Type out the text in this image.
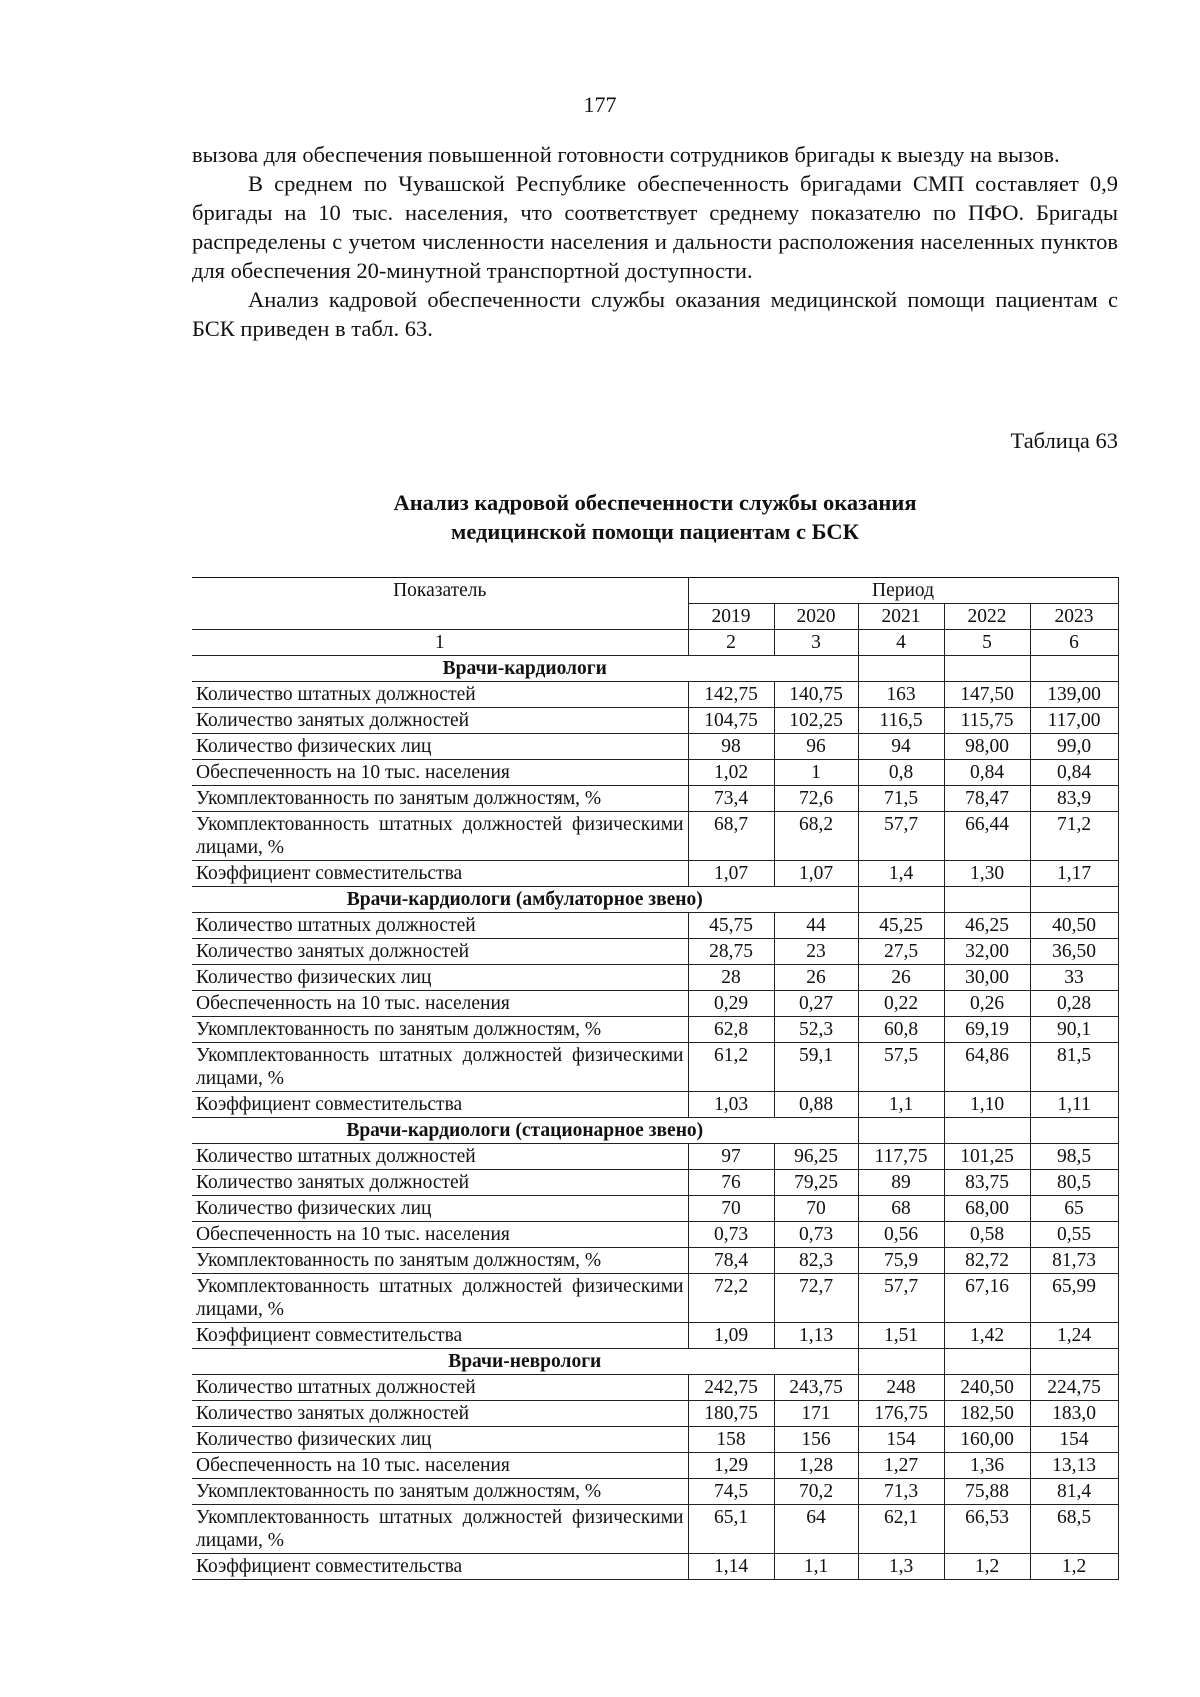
177

вызова для обеспечения повышенной готовности сотрудников бригады к выезду на вызов.

В среднем по Чувашской Республике обеспеченность бригадами СМП составляет 0,9 бригады на 10 тыс. населения, что соответствует среднему показателю по ПФО. Бригады распределены с учетом численности населения и дальности расположения населенных пунктов для обеспечения 20-минутной транспортной доступности.

Анализ кадровой обеспеченности службы оказания медицинской помощи пациентам с БСК приведен в табл. 63.

Таблица 63
Анализ кадровой обеспеченности службы оказания
медицинской помощи пациентам с БСК
Показатель	Период				
	2019	2020	2021	2022	2023
1	2	3	4	5	6
Врачи-кардиологи					
Количество штатных должностей	142,75	140,75	163	147,50	139,00
Количество занятых должностей	104,75	102,25	116,5	115,75	117,00
Количество физических лиц	98	96	94	98,00	99,0
Обеспеченность на 10 тыс. населения	1,02	1	0,8	0,84	0,84
Укомплектованность по занятым должностям, %	73,4	72,6	71,5	78,47	83,9
Укомплектованность штатных должностей физическими лицами, %	68,7	68,2	57,7	66,44	71,2
Коэффициент совместительства	1,07	1,07	1,4	1,30	1,17
Врачи-кардиологи (амбулаторное звено)					
Количество штатных должностей	45,75	44	45,25	46,25	40,50
Количество занятых должностей	28,75	23	27,5	32,00	36,50
Количество физических лиц	28	26	26	30,00	33
Обеспеченность на 10 тыс. населения	0,29	0,27	0,22	0,26	0,28
Укомплектованность по занятым должностям, %	62,8	52,3	60,8	69,19	90,1
Укомплектованность штатных должностей физическими лицами, %	61,2	59,1	57,5	64,86	81,5
Коэффициент совместительства	1,03	0,88	1,1	1,10	1,11
Врачи-кардиологи (стационарное звено)					
Количество штатных должностей	97	96,25	117,75	101,25	98,5
Количество занятых должностей	76	79,25	89	83,75	80,5
Количество физических лиц	70	70	68	68,00	65
Обеспеченность на 10 тыс. населения	0,73	0,73	0,56	0,58	0,55
Укомплектованность по занятым должностям, %	78,4	82,3	75,9	82,72	81,73
Укомплектованность штатных должностей физическими лицами, %	72,2	72,7	57,7	67,16	65,99
Коэффициент совместительства	1,09	1,13	1,51	1,42	1,24
Врачи-неврологи					
Количество штатных должностей	242,75	243,75	248	240,50	224,75
Количество занятых должностей	180,75	171	176,75	182,50	183,0
Количество физических лиц	158	156	154	160,00	154
Обеспеченность на 10 тыс. населения	1,29	1,28	1,27	1,36	13,13
Укомплектованность по занятым должностям, %	74,5	70,2	71,3	75,88	81,4
Укомплектованность штатных должностей физическими лицами, %	65,1	64	62,1	66,53	68,5
Коэффициент совместительства	1,14	1,1	1,3	1,2	1,2
